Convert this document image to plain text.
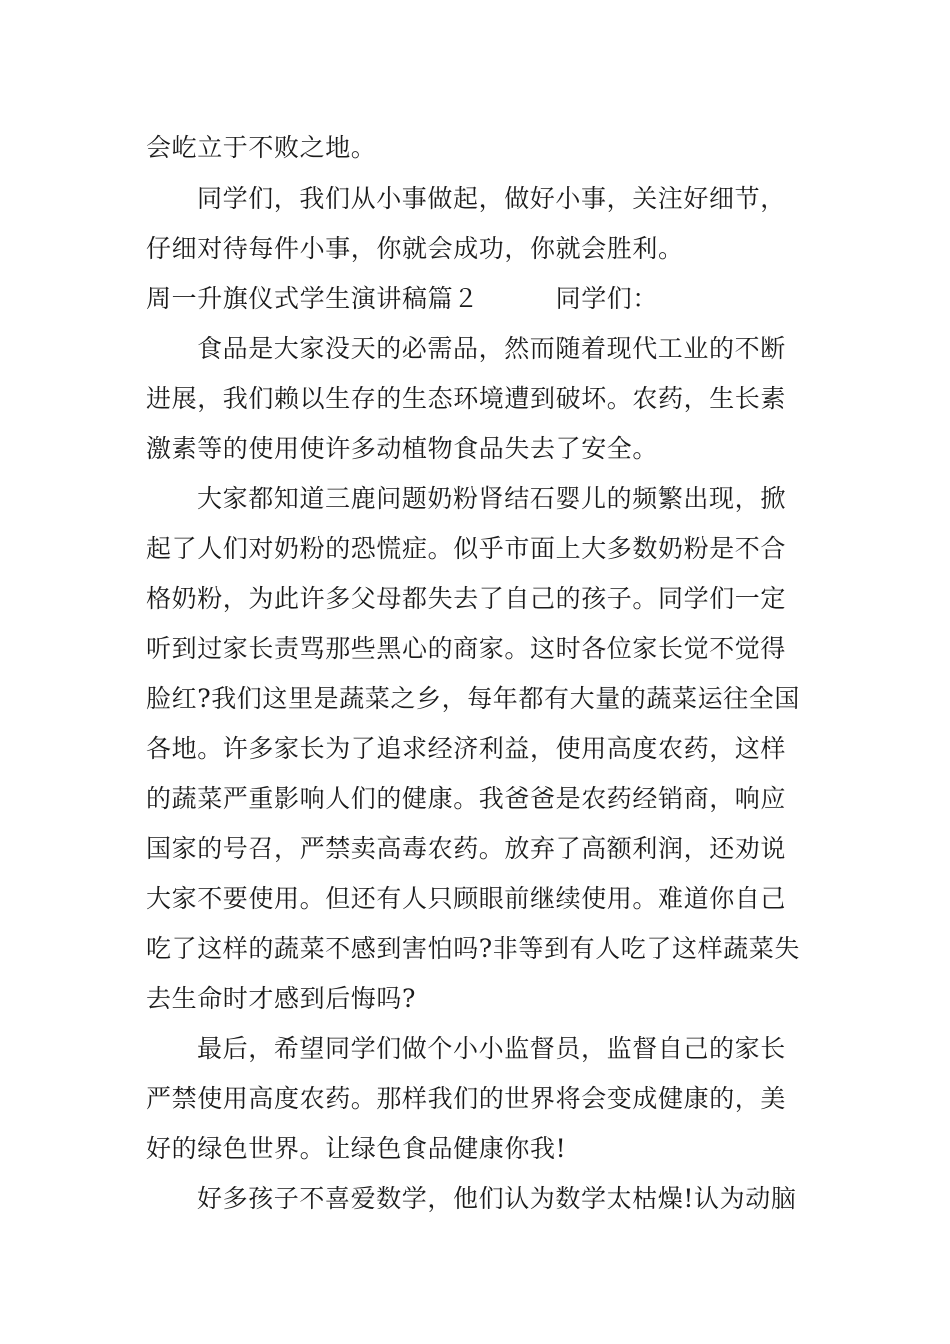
会屹立于不败之地。
同学们，我们从小事做起，做好小事，关注好细节，
仔细对待每件小事，你就会成功，你就会胜利。
周一升旗仪式学生演讲稿篇２　　　同学们：
食品是大家没天的必需品，然而随着现代工业的不断
进展，我们赖以生存的生态环境遭到破坏。农药，生长素
激素等的使用使许多动植物食品失去了安全。
大家都知道三鹿问题奶粉肾结石婴儿的频繁出现，掀
起了人们对奶粉的恐慌症。似乎市面上大多数奶粉是不合
格奶粉，为此许多父母都失去了自己的孩子。同学们一定
听到过家长责骂那些黑心的商家。这时各位家长觉不觉得
脸红?我们这里是蔬菜之乡，每年都有大量的蔬菜运往全国
各地。许多家长为了追求经济利益，使用高度农药，这样
的蔬菜严重影响人们的健康。我爸爸是农药经销商，响应
国家的号召，严禁卖高毒农药。放弃了高额利润，还劝说
大家不要使用。但还有人只顾眼前继续使用。难道你自己
吃了这样的蔬菜不感到害怕吗?非等到有人吃了这样蔬菜失
去生命时才感到后悔吗?
最后，希望同学们做个小小监督员，监督自己的家长
严禁使用高度农药。那样我们的世界将会变成健康的，美
好的绿色世界。让绿色食品健康你我!
好多孩子不喜爱数学，他们认为数学太枯燥!认为动脑
